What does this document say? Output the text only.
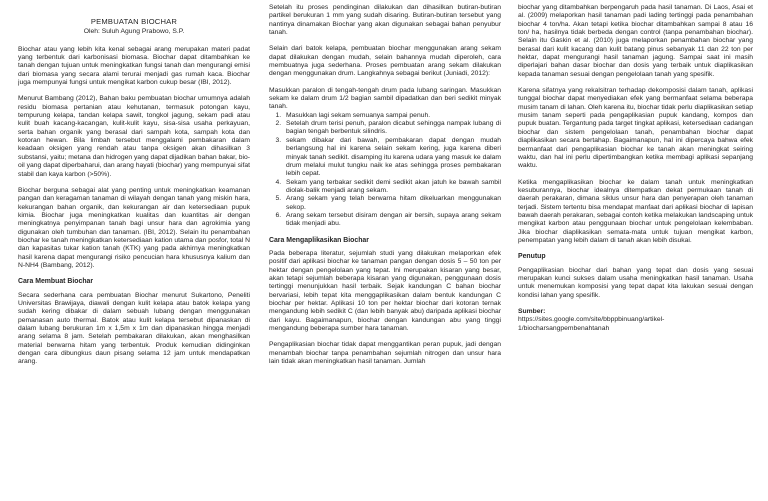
PEMBUATAN BIOCHAR
Oleh: Suluh Agung Prabowo, S.P.

Biochar atau yang lebih kita kenal sebagai arang merupakan materi padat yang terbentuk dari karbonisasi biomasa. Biochar dapat ditambahkan ke tanah dengan tujuan untuk meningkatkan fungsi tanah dan mengurangi emisi dari biomasa yang secara alami terurai menjadi gas rumah kaca. Biochar juga mempunyai fungsi untuk mengikat karbon cukup besar (IBI, 2012).

Menurut Bambang (2012), Bahan baku pembuatan biochar umumnya adalah residu biomasa pertanian atau kehutanan, termasuk potongan kayu, tempurung kelapa, tandan kelapa sawit, tongkol jagung, sekam padi atau kulit buah kacang-kacangan, kulit-kulit kayu, sisa-sisa usaha perkayuan, serta bahan organik yang berasal dari sampah kota, sampah kota dan kotoran hewan. Bila limbah tersebut menggalami pembakaran dalam keadaan oksigen yang rendah atau tanpa oksigen akan dihasilkan 3 substansi, yaitu; metana dan hidrogen yang dapat dijadikan bahan bakar, bio-oil yang dapat diperbaharui, dan arang hayati (biochar) yang mempunyai sifat stabil dan kaya karbon (>50%).

Biochar berguna sebagai alat yang penting untuk meningkatkan keamanan pangan dan keragaman tanaman di wilayah dengan tanah yang miskin hara, kekurangan bahan organik, dan kekurangan air dan ketersediaan pupuk kimia. Biochar juga meningkatkan kualitas dan kuantitas air dengan meningkatnya penyimpanan tanah bagi unsur hara dan agrokimia yang digunakan oleh tumbuhan dan tanaman. (IBI, 2012). Selain itu penambahan biochar ke tanah meningkatkan ketersediaan kation utama dan posfor, total N dan kapasitas tukar kation tanah (KTK) yang pada akhirnya meningkatkan hasil karena dapat mengurangi risiko pencucian hara khususnya kalium dan N-NH4 (Bambang, 2012).

Cara Membuat Biochar

Secara sederhana cara pembuatan Biochar menurut Sukartono, Peneliti Universitas Brawijaya, diawali dengan kulit kelapa atau batok kelapa yang sudah kering dibakar di dalam sebuah lubang dengan menggunakan pemanasan auto thermal. Batok atau kulit kelapa tersebut dipanaskan di dalam lubang berukuran 1m x 1,5m x 1m dan dipanaskan hingga menjadi arang selama 8 jam. Setelah pembakaran dilakukan, akan menghasilkan material berwarna hitam yang terbentuk. Produk kemudian didinginkan dengan cara dibungkus daun pisang selama 12 jam untuk mendapatkan arang.

Setelah itu proses pendinginan dilakukan dan dihasilkan butiran-butiran partikel berukuran 1 mm yang sudah disaring. Butiran-butiran tersebut yang nantinya dinamakan Biochar yang akan digunakan sebagai bahan penyubur tanah.

Selain dari batok kelapa, pembuatan biochar menggunakan arang sekam dapat dilakukan dengan mudah, selain bahannya mudah diperoleh, cara membuatnya juga sederhana. Proses pembuatan arang sekam dilakukan dengan menggunakan drum. Langkahnya sebagai berikut (Juniadi, 2012):

Masukkan paralon di tengah-tengah drum pada lubang saringan. Masukkan sekam ke dalam drum 1/2 bagian sambil dipadatkan dan beri sedikit minyak tanah.

1. Masukkan lagi sekam semuanya sampai penuh.
2. Setelah drum terisi penuh, paralon dicabut sehingga nampak lubang di bagian tengah berbentuk silindris.
3. sekam dibakar dari bawah, pembakaran dapat dengan mudah berlangsung hal ini karena selain sekam kering, juga karena diberi minyak tanah sedikit. disamping itu karena udara yang masuk ke dalam drum melalui mulut tungku naik ke atas sehingga proses pembakaran lebih cepat.
4. Sekam yang terbakar sedikit demi sedikit akan jatuh ke bawah sambil diolak-balik menjadi arang sekam.
5. Arang sekam yang telah berwarna hitam dikeluarkan menggunakan sekop.
6. Arang sekam tersebut disiram dengan air bersih, supaya arang sekam tidak menjadi abu.
Cara Mengaplikasikan Biochar

Pada beberapa literatur, sejumlah studi yang dilakukan melaporkan efek positif dari aplikasi biochar ke tanaman pangan dengan dosis 5 – 50 ton per hektar dengan pengelolaan yang tepat. Ini merupakan kisaran yang besar, akan tetapi sejumlah beberapa kisaran yang digunakan, penggunaan dosis tertinggi menunjukkan hasil terbaik. Sejak kandungan C bahan biochar bervariasi, lebih tepat kita menggaplikasikan dalam bentuk kandungan C biochar per hektar. Aplikasi 10 ton per hektar biochar dari kotoran ternak mengandung lebih sedikit C (dan lebih banyak abu) daripada aplikasi biochar dari kayu. Bagaimanapun, biochar dengan kandungan abu yang tinggi mengandung beberapa sumber hara tanaman.

Pengaplikasian biochar tidak dapat menggantikan peran pupuk, jadi dengan menambah biochar tanpa penambahan sejumlah nitrogen dan unsur hara lain tidak akan meningkatkan hasil tanaman. Jumlah

biochar yang ditambahkan berpengaruh pada hasil tanaman. Di Laos, Asai et al. (2009) melaporkan hasil tanaman padi lading tertinggi pada penambahan biochar 4 ton/ha. Akan tetapi ketika biochar ditambahkan sampai 8 atau 16 ton/ ha, hasilnya tidak berbeda dengan control (tanpa penambahan biochar). Selain itu Gaskin et al. (2010) juga melaporkan penambahan biochar yang berasal dari kulit kacang dan kulit batang pinus sebanyak 11 dan 22 ton per hektar, dapat mengurangi hasil tanaman jagung. Sampai saat ini masih diperlajari bahan dasar biochar dan dosis yang terbaik untuk diaplikasikan kepada tanaman sesuai dengan pengelolaan tanah yang spesifik.

Karena sifatnya yang rekalsitran terhadap dekomposisi dalam tanah, aplikasi tunggal biochar dapat menyediakan efek yang bermanfaat selama beberapa musim tanam di lahan. Oleh karena itu, biochar tidak perlu diaplikasikan setiap musim tanam seperti pada pengaplikasian pupuk kandang, kompos dan pupuk buatan. Tergantung pada target tingkat aplikasi, ketersediaan cadangan biochar dan sistem pengelolaan tanah, penambahan biochar dapat diaplikasikan secara bertahap. Bagaimanapun, hal ini dipercaya bahwa efek bermanfaat dari pengaplikasian biochar ke tanah akan meningkat seiring waktu, dan hal ini perlu dipertimbangkan ketika membagi aplikasi sepanjang waktu.

Ketika mengaplikasikan biochar ke dalam tanah untuk meningkatkan kesuburannya, biochar idealnya ditempatkan dekat permukaan tanah di daerah perakaran, dimana siklus unsur hara dan penyerapan oleh tanaman terjadi. Sistem tertentu bisa mendapat manfaat dari aplikasi biochar di lapisan bawah daerah perakaran, sebagai contoh ketika melakukan landscaping untuk mengikat karbon atau penggunaan biochar untuk pengelolaan kelembaban. Jika biochar diaplikasikan semata-mata untuk tujuan mengikat karbon, penempatan yang lebih dalam di tanah akan lebih disukai.

Penutup

Pengaplikasian biochar dari bahan yang tepat dan dosis yang sesuai merupakan kunci sukses dalam usaha meningkatkan hasil tanaman. Usaha untuk menemukan komposisi yang tepat dapat kita lakukan sesuai dengan kondisi lahan yang spesifik.

Sumber:

https://sites.google.com/site/bbppbinuang/artikel-1/biocharsangpembenahtanah
